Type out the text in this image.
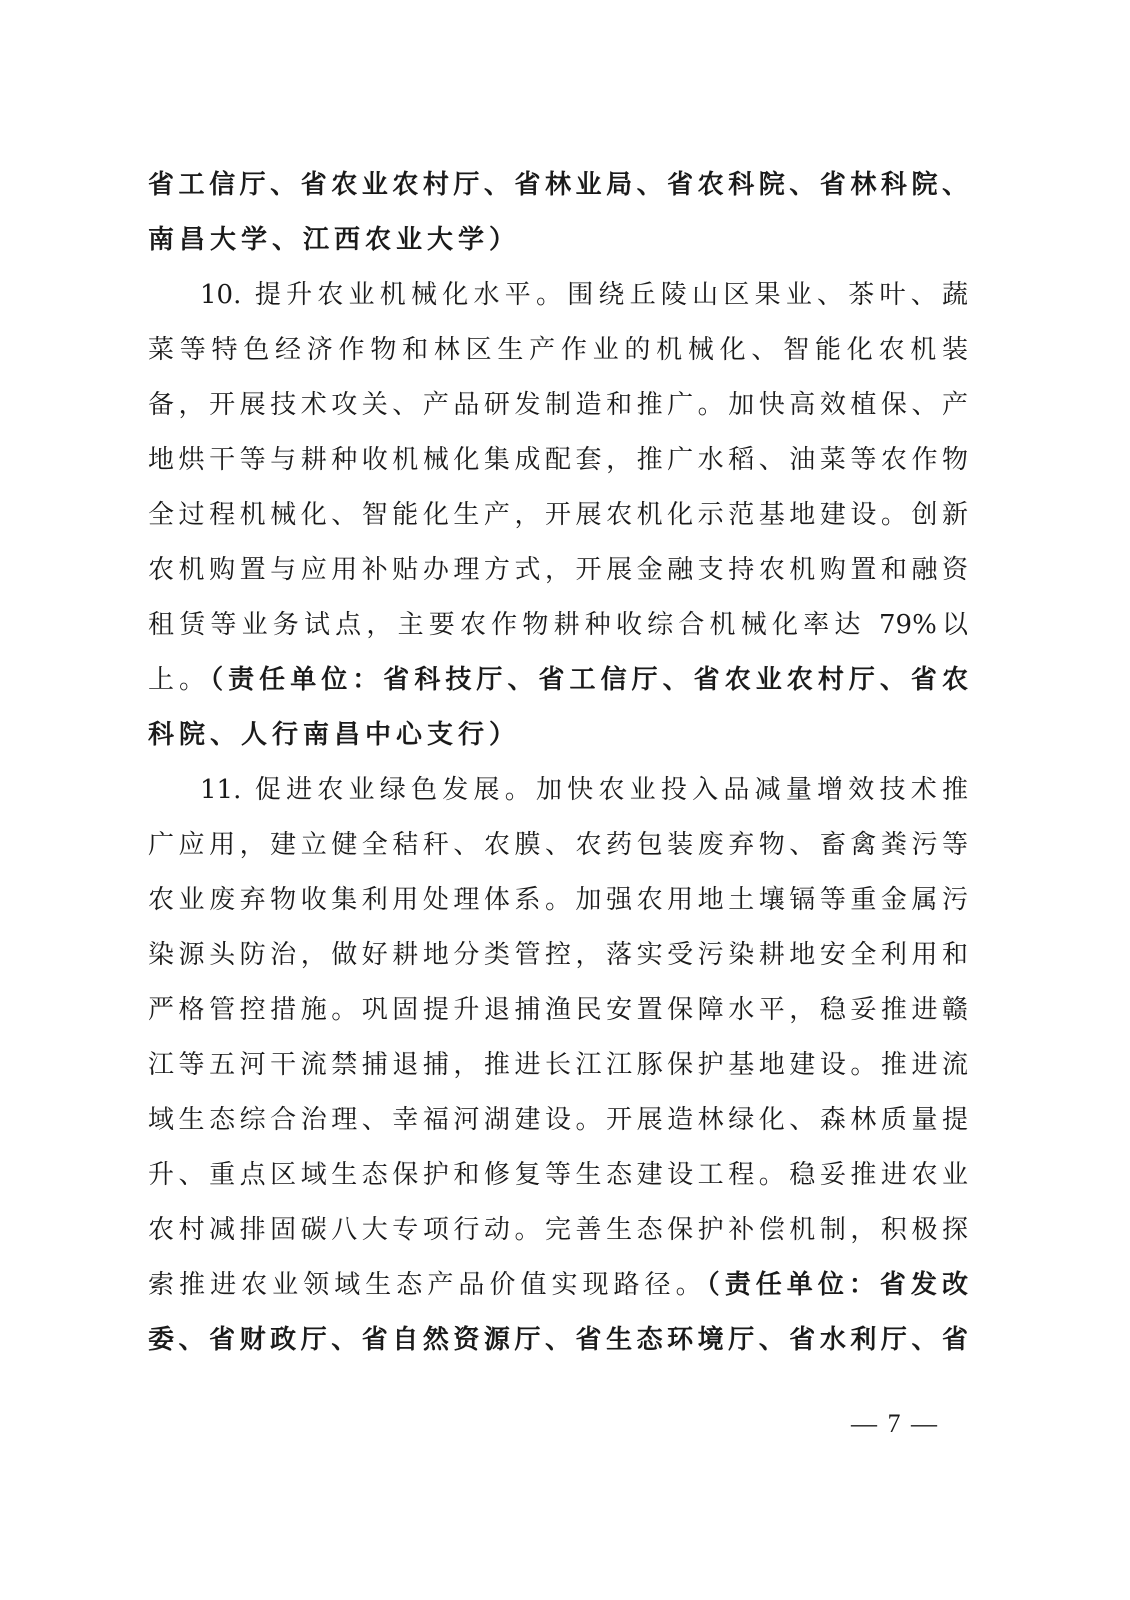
省工信厅、省农业农村厅、省林业局、省农科院、省林科院、
南昌大学、江西农业大学）
10. 提升农业机械化水平。围绕丘陵山区果业、茶叶、蔬
菜等特色经济作物和林区生产作业的机械化、智能化农机装
备，开展技术攻关、产品研发制造和推广。加快高效植保、产
地烘干等与耕种收机械化集成配套，推广水稻、油菜等农作物
全过程机械化、智能化生产，开展农机化示范基地建设。创新
农机购置与应用补贴办理方式，开展金融支持农机购置和融资
租赁等业务试点，主要农作物耕种收综合机械化率达 79%以
上。（责任单位：省科技厅、省工信厅、省农业农村厅、省农
科院、人行南昌中心支行）
11. 促进农业绿色发展。加快农业投入品减量增效技术推
广应用，建立健全秸秆、农膜、农药包装废弃物、畜禽粪污等
农业废弃物收集利用处理体系。加强农用地土壤镉等重金属污
染源头防治，做好耕地分类管控，落实受污染耕地安全利用和
严格管控措施。巩固提升退捕渔民安置保障水平，稳妥推进赣
江等五河干流禁捕退捕，推进长江江豚保护基地建设。推进流
域生态综合治理、幸福河湖建设。开展造林绿化、森林质量提
升、重点区域生态保护和修复等生态建设工程。稳妥推进农业
农村减排固碳八大专项行动。完善生态保护补偿机制，积极探
索推进农业领域生态产品价值实现路径。（责任单位：省发改
委、省财政厅、省自然资源厅、省生态环境厅、省水利厅、省
— 7 —
